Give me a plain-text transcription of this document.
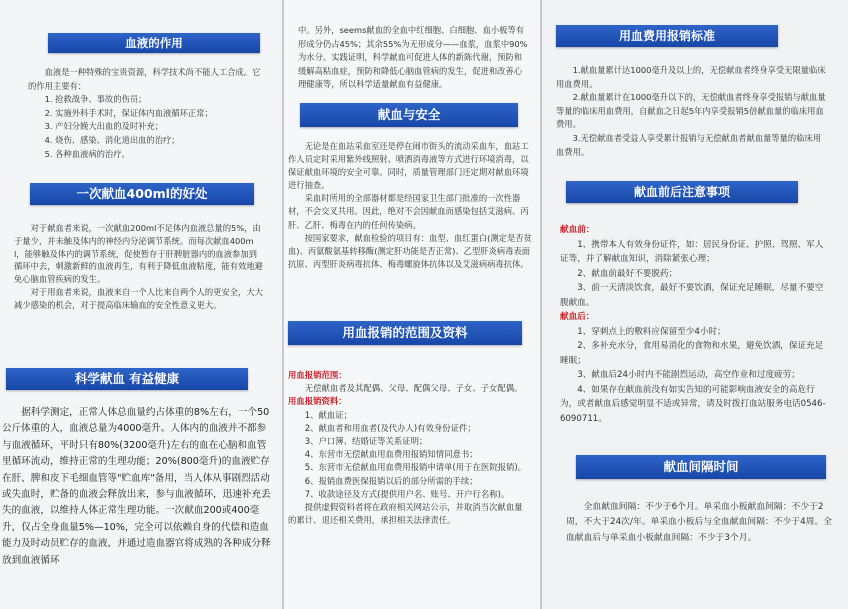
血液的作用

血液是一种特殊的宝贵资源，科学技术尚不能人工合成。它的作用主要有：

1. 抢救战争、事故的伤员；

2. 实施外科手术时，保证体内血液循环正常；

3. 产妇分娩大出血的及时补充；

4. 烧伤、感染、消化道出血的治疗；

5. 各种血液病的治疗。

一次献血400ml的好处

对于献血者来说，一次献血200ml不足体内血液总量的5%，由于量少，并未触及体内的神经内分泌调节系统。而每次献血400ml，能够触及体内的调节系统，促使暂存于肝脾脏器内的血液参加到循环中去，刺激新鲜的血液再生，有利于降低血液粘度，能有效地避免心脑血管疾病的发生。

对于用血者来说，血液来自一个人比来自两个人的更安全，大大减少感染的机会，对于提高临床输血的安全性意义更大。

科学献血 有益健康

据科学测定，正常人体总血量约占体重的8%左右，一个50公斤体重的人，血液总量为4000毫升。人体内的血液并不都参与血液循环，平时只有80%(3200毫升)左右的血在心脑和血管里循环流动，维持正常的生理功能；20%(800毫升)的血液贮存在肝、脾和皮下毛细血管等"贮血库"备用，当人体从事剧烈活动或失血时，贮备的血液会释放出来，参与血液循环，迅速补充丢失的血液，以维持人体正常生理功能。一次献血200或400毫升，仅占全身血量5%—10%，完全可以依赖自身的代偿和造血能力及时动员贮存的血液，并通过造血器官将成熟的各种成分释放到血液循环

中。另外，seems献血的全血中红细胞、白细胞、血小板等有形成分仍占45%；其余55%为无形成分——血浆，血浆中90%为水分。实践证明，科学献血可促进人体的新陈代谢，预防和缓解高粘血症，预防和降低心脑血管病的发生，促进和改善心理健康等，所以科学适量献血有益健康。

献血与安全

无论是在血站采血室还是停在闹市街头的流动采血车，血站工作人员定时采用紫外线照射、喷洒消毒液等方式进行环境消毒，以保证献血环境的安全可靠。同时，质量管理部门还定期对献血环境进行抽查。

采血时所用的全部器材都是经国家卫生部门批准的一次性器材，不会交叉共用。因此，绝对不会因献血而感染包括艾滋病、丙肝、乙肝、梅毒在内的任何传染病。

按国家要求，献血检验的项目有：血型、血红蛋白(测定是否贫血)、丙氨酸氨基转移酶(测定肝功能是否正常)、乙型肝炎病毒表面抗原、丙型肝炎病毒抗体、梅毒螺旋体抗体以及艾滋病病毒抗体。

用血报销的范围及资料

用血报销范围：

无偿献血者及其配偶、父母、配偶父母、子女、子女配偶。

用血报销资料：

1、献血证；

2、献血者和用血者(及代办人)有效身份证件；

3、户口簿、结婚证等关系证明；

4、东营市无偿献血用血费用报销知情同意书；

5、东营市无偿献血用血费用报销申请单(用于在医院报销)。

6、报销血费医保报销以后的部分所需的手续；

7、收款途径及方式(提供用户名、账号、开户行名称)。

提供虚假资料者将在政府相关网站公示，并取消当次献血量的累计、退还相关费用，承担相关法律责任。

用血费用报销标准

1.献血量累计达1000毫升及以上的，无偿献血者终身享受无限量临床用血费用。

2.献血量累计在1000毫升以下的，无偿献血者终身享受报销与献血量等量的临床用血费用，自献血之日起5年内享受报销5倍献血量的临床用血费用。

3.无偿献血者受益人享受累计报销与无偿献血者献血量等量的临床用血费用。

献血前后注意事项

献血前：

1、携带本人有效身份证件，如：居民身份证、护照、驾照、军人证等，并了解献血知识，消除紧张心理；

2、献血前最好不要脱药；

3、前一天清淡饮食，最好不要饮酒，保证充足睡眠，尽量不要空腹献血。

献血后：

1、穿刺点上的敷料应保留至少4小时；

2、多补充水分，食用易消化的食物和水果，避免饮酒，保证充足睡眠；

3、献血后24小时内不能剧烈运动，高空作业和过度疲劳；

4、如果存在献血前没有如实告知的可能影响血液安全的高危行为，或者献血后感觉明显不适或异常，请及时拨打血站服务电话0546-6090711。

献血间隔时间

全血献血间隔：不少于6个月。单采血小板献血间隔：不少于2周，不大于24次/年。单采血小板后与全血献血间隔：不少于4周。全血献血后与单采血小板献血间隔：不少于3个月。
